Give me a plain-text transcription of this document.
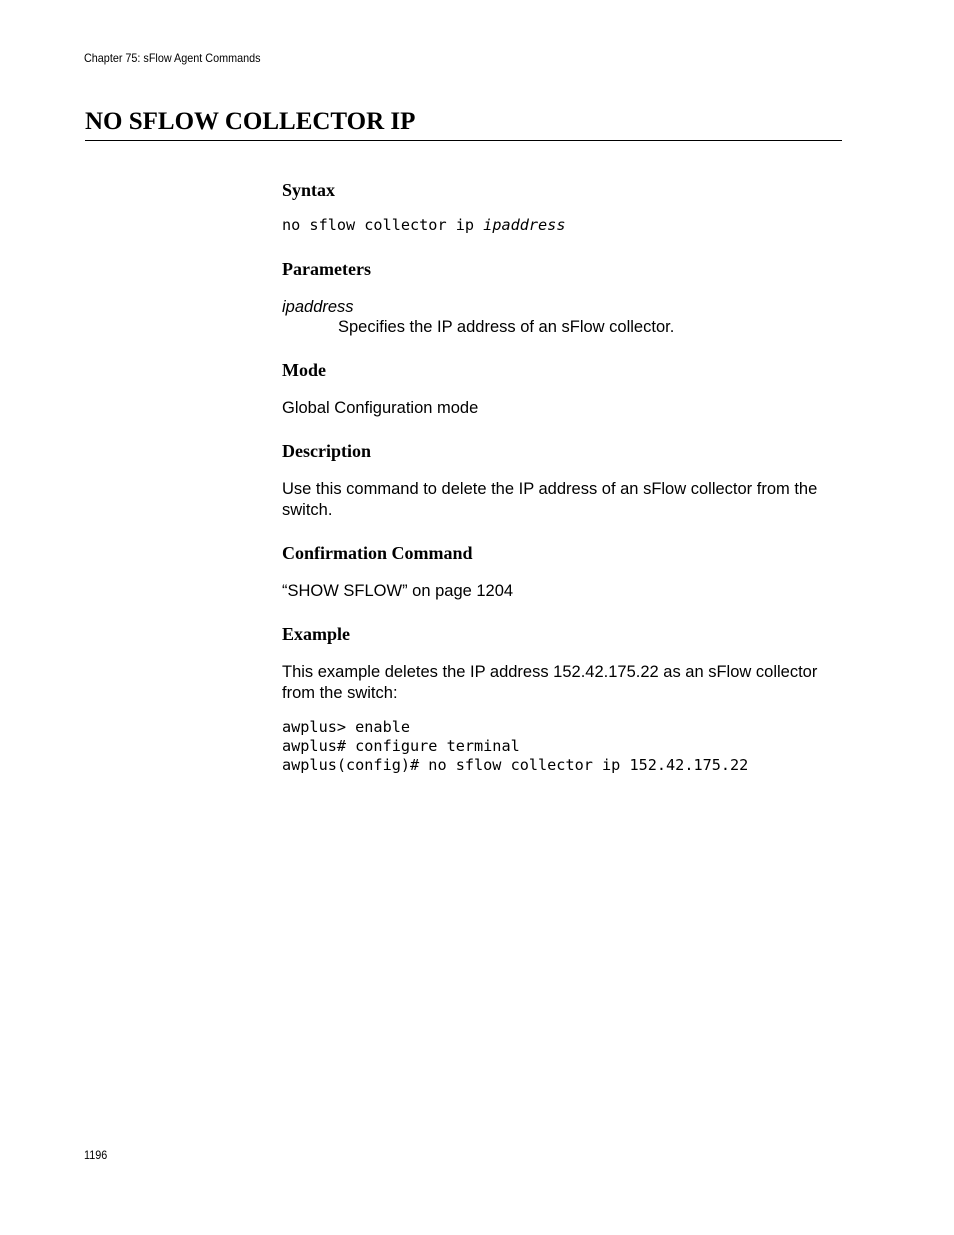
Chapter 75: sFlow Agent Commands
NO SFLOW COLLECTOR IP
Syntax
no sflow collector ip ipaddress
Parameters
ipaddress
Specifies the IP address of an sFlow collector.
Mode
Global Configuration mode
Description
Use this command to delete the IP address of an sFlow collector from the switch.
Confirmation Command
“SHOW SFLOW” on page 1204
Example
This example deletes the IP address 152.42.175.22 as an sFlow collector from the switch:
awplus> enable
awplus# configure terminal
awplus(config)# no sflow collector ip 152.42.175.22
1196
